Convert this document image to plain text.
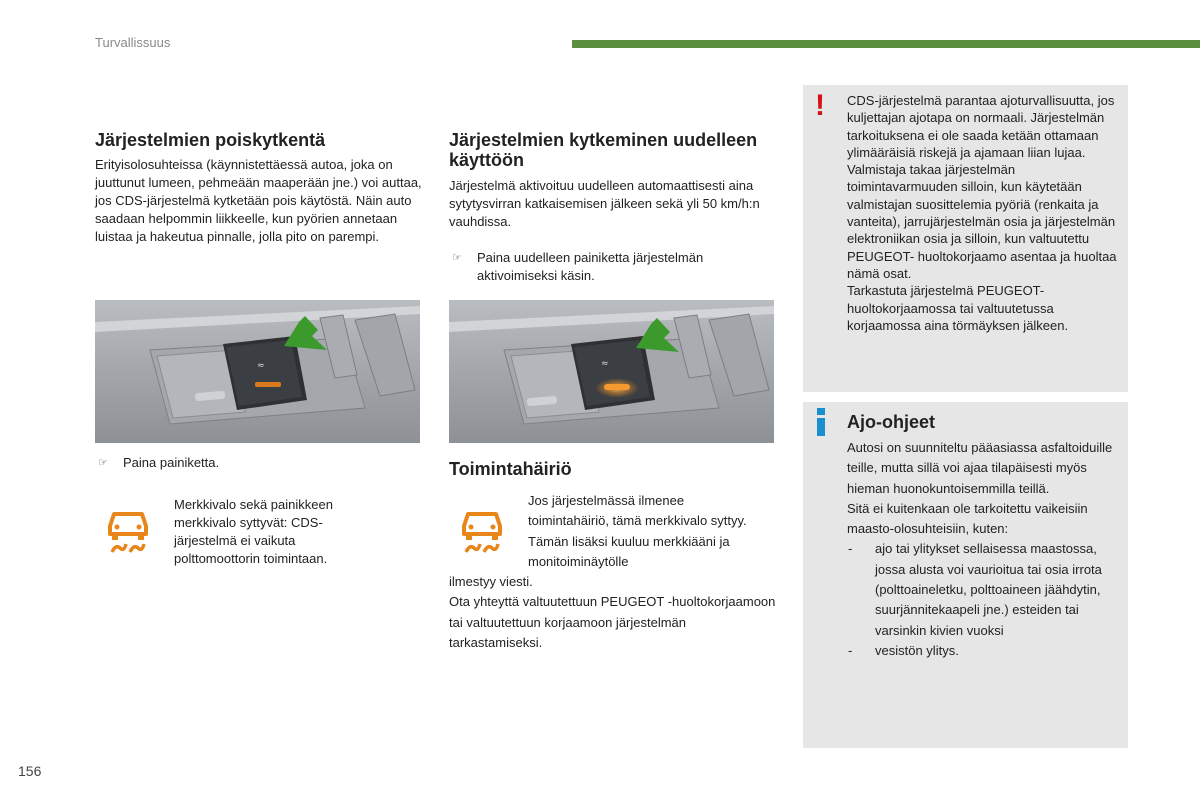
Turvallissuus
Järjestelmien poiskytkentä

Erityisolosuhteissa (käynnistettäessä autoa, joka on juuttunut lumeen, pehmeään maaperään jne.) voi auttaa, jos CDS-järjestelmä kytketään pois käytöstä. Näin auto saadaan helpommin liikkeelle, kun pyörien annetaan luistaa ja hakeutua pinnalle, jolla pito on parempi.

≈
☞	Paina painiketta.

Merkkivalo sekä painikkeen merkkivalo syttyvät: CDS-järjestelmä ei vaikuta polttomoottorin toimintaan.

Järjestelmien kytkeminen uudelleen käyttöön

Järjestelmä aktivoituu uudelleen automaattisesti aina sytytysvirran katkaisemisen jälkeen sekä yli 50 km/h:n vauhdissa.

☞	Paina uudelleen painiketta järjestelmän aktivoimiseksi käsin.
≈
Toimintahäiriö

Jos järjestelmässä ilmenee toimintahäiriö, tämä merkkivalo syttyy. Tämän lisäksi kuuluu merkkiääni ja monitoiminäytölle

ilmestyy viesti.
Ota yhteyttä valtuutettuun PEUGEOT -huoltokorjaamoon tai valtuutettuun korjaamoon järjestelmän tarkastamiseksi.

! CDS-järjestelmä parantaa ajoturvallisuutta, jos kuljettajan ajotapa on normaali. Järjestelmän tarkoituksena ei ole saada ketään ottamaan ylimääräisiä riskejä ja ajamaan liian lujaa.
Valmistaja takaa järjestelmän toimintavarmuuden silloin, kun käytetään valmistajan suosittelemia pyöriä (renkaita ja vanteita), jarrujärjestelmän osia ja järjestelmän elektroniikan osia ja silloin, kun valtuutettu PEUGEOT- huoltokorjaamo asentaa ja huoltaa nämä osat.
Tarkastuta järjestelmä PEUGEOT-huoltokorjaamossa tai valtuutetussa korjaamossa aina törmäyksen jälkeen.

Ajo-ohjeet

Autosi on suunniteltu pääasiassa asfaltoiduille teille, mutta sillä voi ajaa tilapäisesti myös hieman huonokuntoisemmilla teillä.
Sitä ei kuitenkaan ole tarkoitettu vaikeisiin maasto-olosuhteisiin, kuten:

-	ajo tai ylitykset sellaisessa maastossa, jossa alusta voi vaurioitua tai osia irrota (polttoaineletku, polttoaineen jäähdytin, suurjännitekaapeli jne.) esteiden tai varsinkin kivien vuoksi
-	vesistön ylitys.
156
